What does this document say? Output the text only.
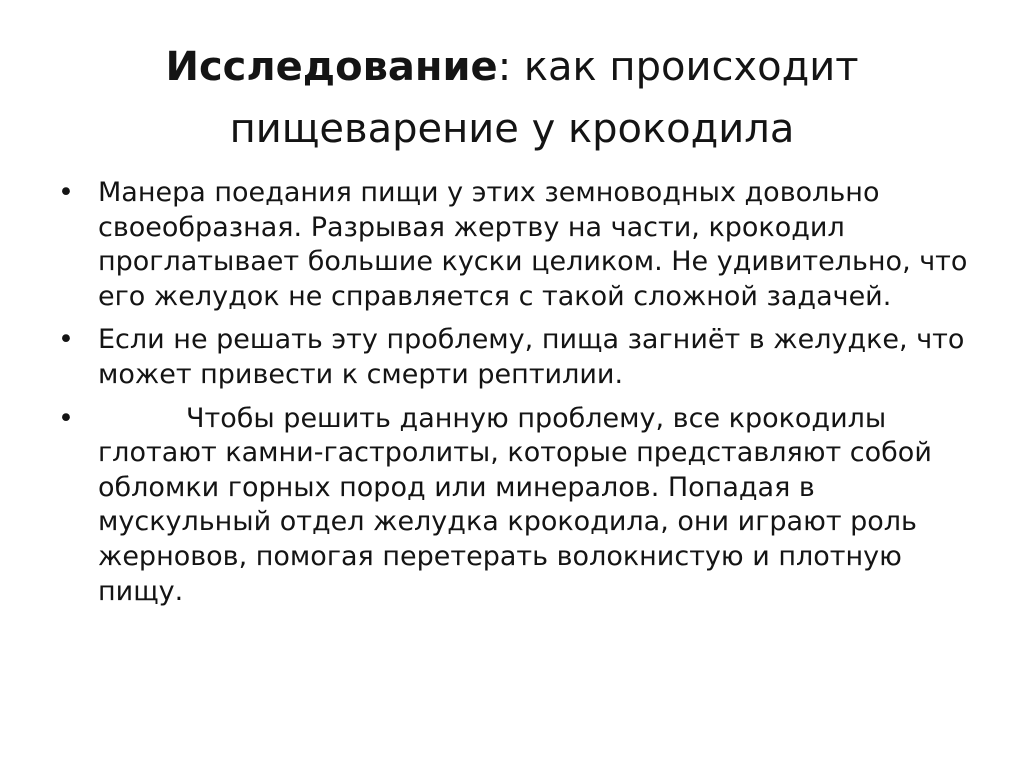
Исследование: как происходит пищеварение у крокодила
• Манера поедания пищи у этих земноводных довольно своеобразная. Разрывая жертву на части, крокодил проглатывает большие куски целиком. Не удивительно, что его желудок не справляется с такой сложной задачей.
• Если не решать эту проблему, пища загниёт в желудке, что может привести к смерти рептилии.
•	Чтобы решить данную проблему, все крокодилы глотают камни-гастролиты, которые представляют собой обломки горных пород или минералов. Попадая в мускульный отдел желудка крокодила, они играют роль жерновов, помогая перетерать волокнистую и плотную пищу.
